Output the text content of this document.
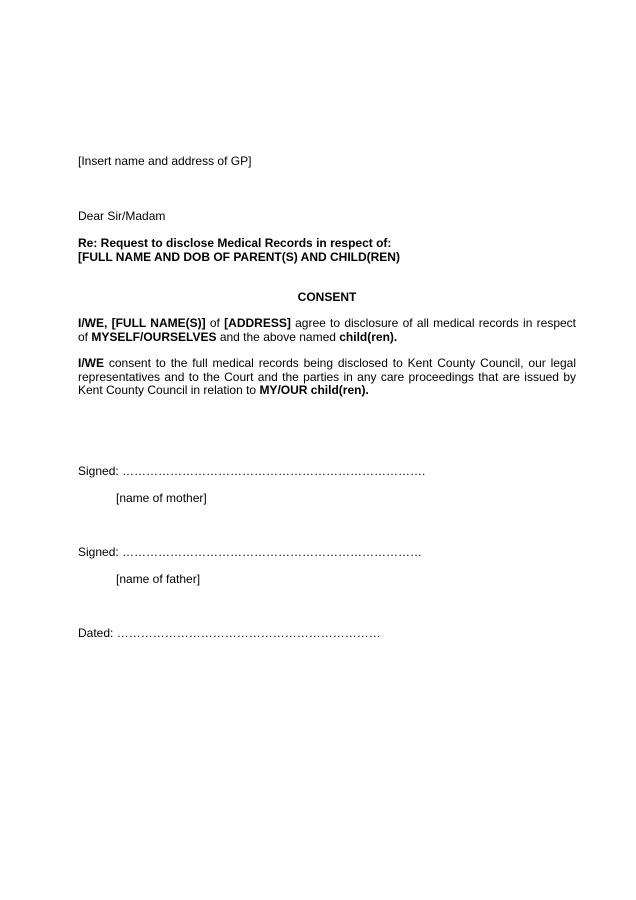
[Insert name and address of GP]
Dear Sir/Madam
Re: Request to disclose Medical Records in respect of:
[FULL NAME AND DOB OF PARENT(S) AND CHILD(REN)
CONSENT
I/WE, [FULL NAME(S)] of [ADDRESS] agree to disclosure of all medical records in respect of MYSELF/OURSELVES and the above named child(ren).
I/WE consent to the full medical records being disclosed to Kent County Council, our legal representatives and to the Court and the parties in any care proceedings that are issued by Kent County Council in relation to MY/OUR child(ren).
Signed: ………………………………………………………………….
[name of mother]
Signed: …………………………………………………………………
[name of father]
Dated: …………………………………………………………
